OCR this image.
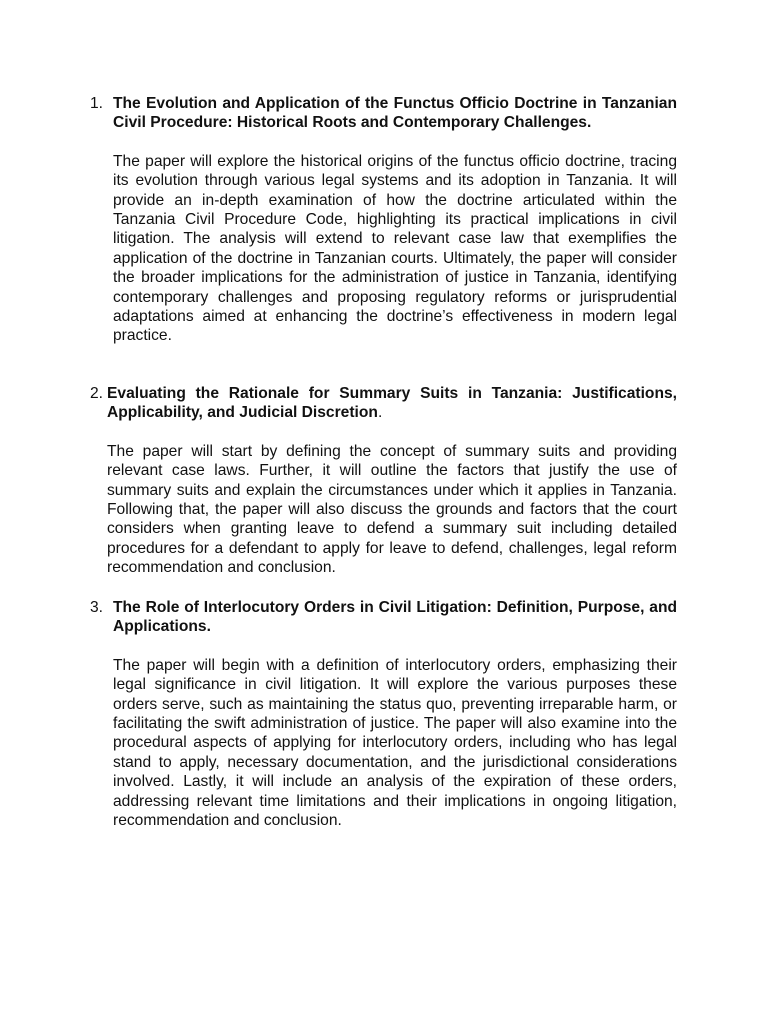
1. The Evolution and Application of the Functus Officio Doctrine in Tanzanian Civil Procedure: Historical Roots and Contemporary Challenges.

The paper will explore the historical origins of the functus officio doctrine, tracing its evolution through various legal systems and its adoption in Tanzania. It will provide an in-depth examination of how the doctrine articulated within the Tanzania Civil Procedure Code, highlighting its practical implications in civil litigation. The analysis will extend to relevant case law that exemplifies the application of the doctrine in Tanzanian courts. Ultimately, the paper will consider the broader implications for the administration of justice in Tanzania, identifying contemporary challenges and proposing regulatory reforms or jurisprudential adaptations aimed at enhancing the doctrine’s effectiveness in modern legal practice.

2. Evaluating the Rationale for Summary Suits in Tanzania: Justifications, Applicability, and Judicial Discretion.

The paper will start by defining the concept of summary suits and providing relevant case laws. Further, it will outline the factors that justify the use of summary suits and explain the circumstances under which it applies in Tanzania. Following that, the paper will also discuss the grounds and factors that the court considers when granting leave to defend a summary suit including detailed procedures for a defendant to apply for leave to defend, challenges, legal reform recommendation and conclusion.

3. The Role of Interlocutory Orders in Civil Litigation: Definition, Purpose, and Applications.

The paper will begin with a definition of interlocutory orders, emphasizing their legal significance in civil litigation. It will explore the various purposes these orders serve, such as maintaining the status quo, preventing irreparable harm, or facilitating the swift administration of justice. The paper will also examine into the procedural aspects of applying for interlocutory orders, including who has legal stand to apply, necessary documentation, and the jurisdictional considerations involved. Lastly, it will include an analysis of the expiration of these orders, addressing relevant time limitations and their implications in ongoing litigation, recommendation and conclusion.
